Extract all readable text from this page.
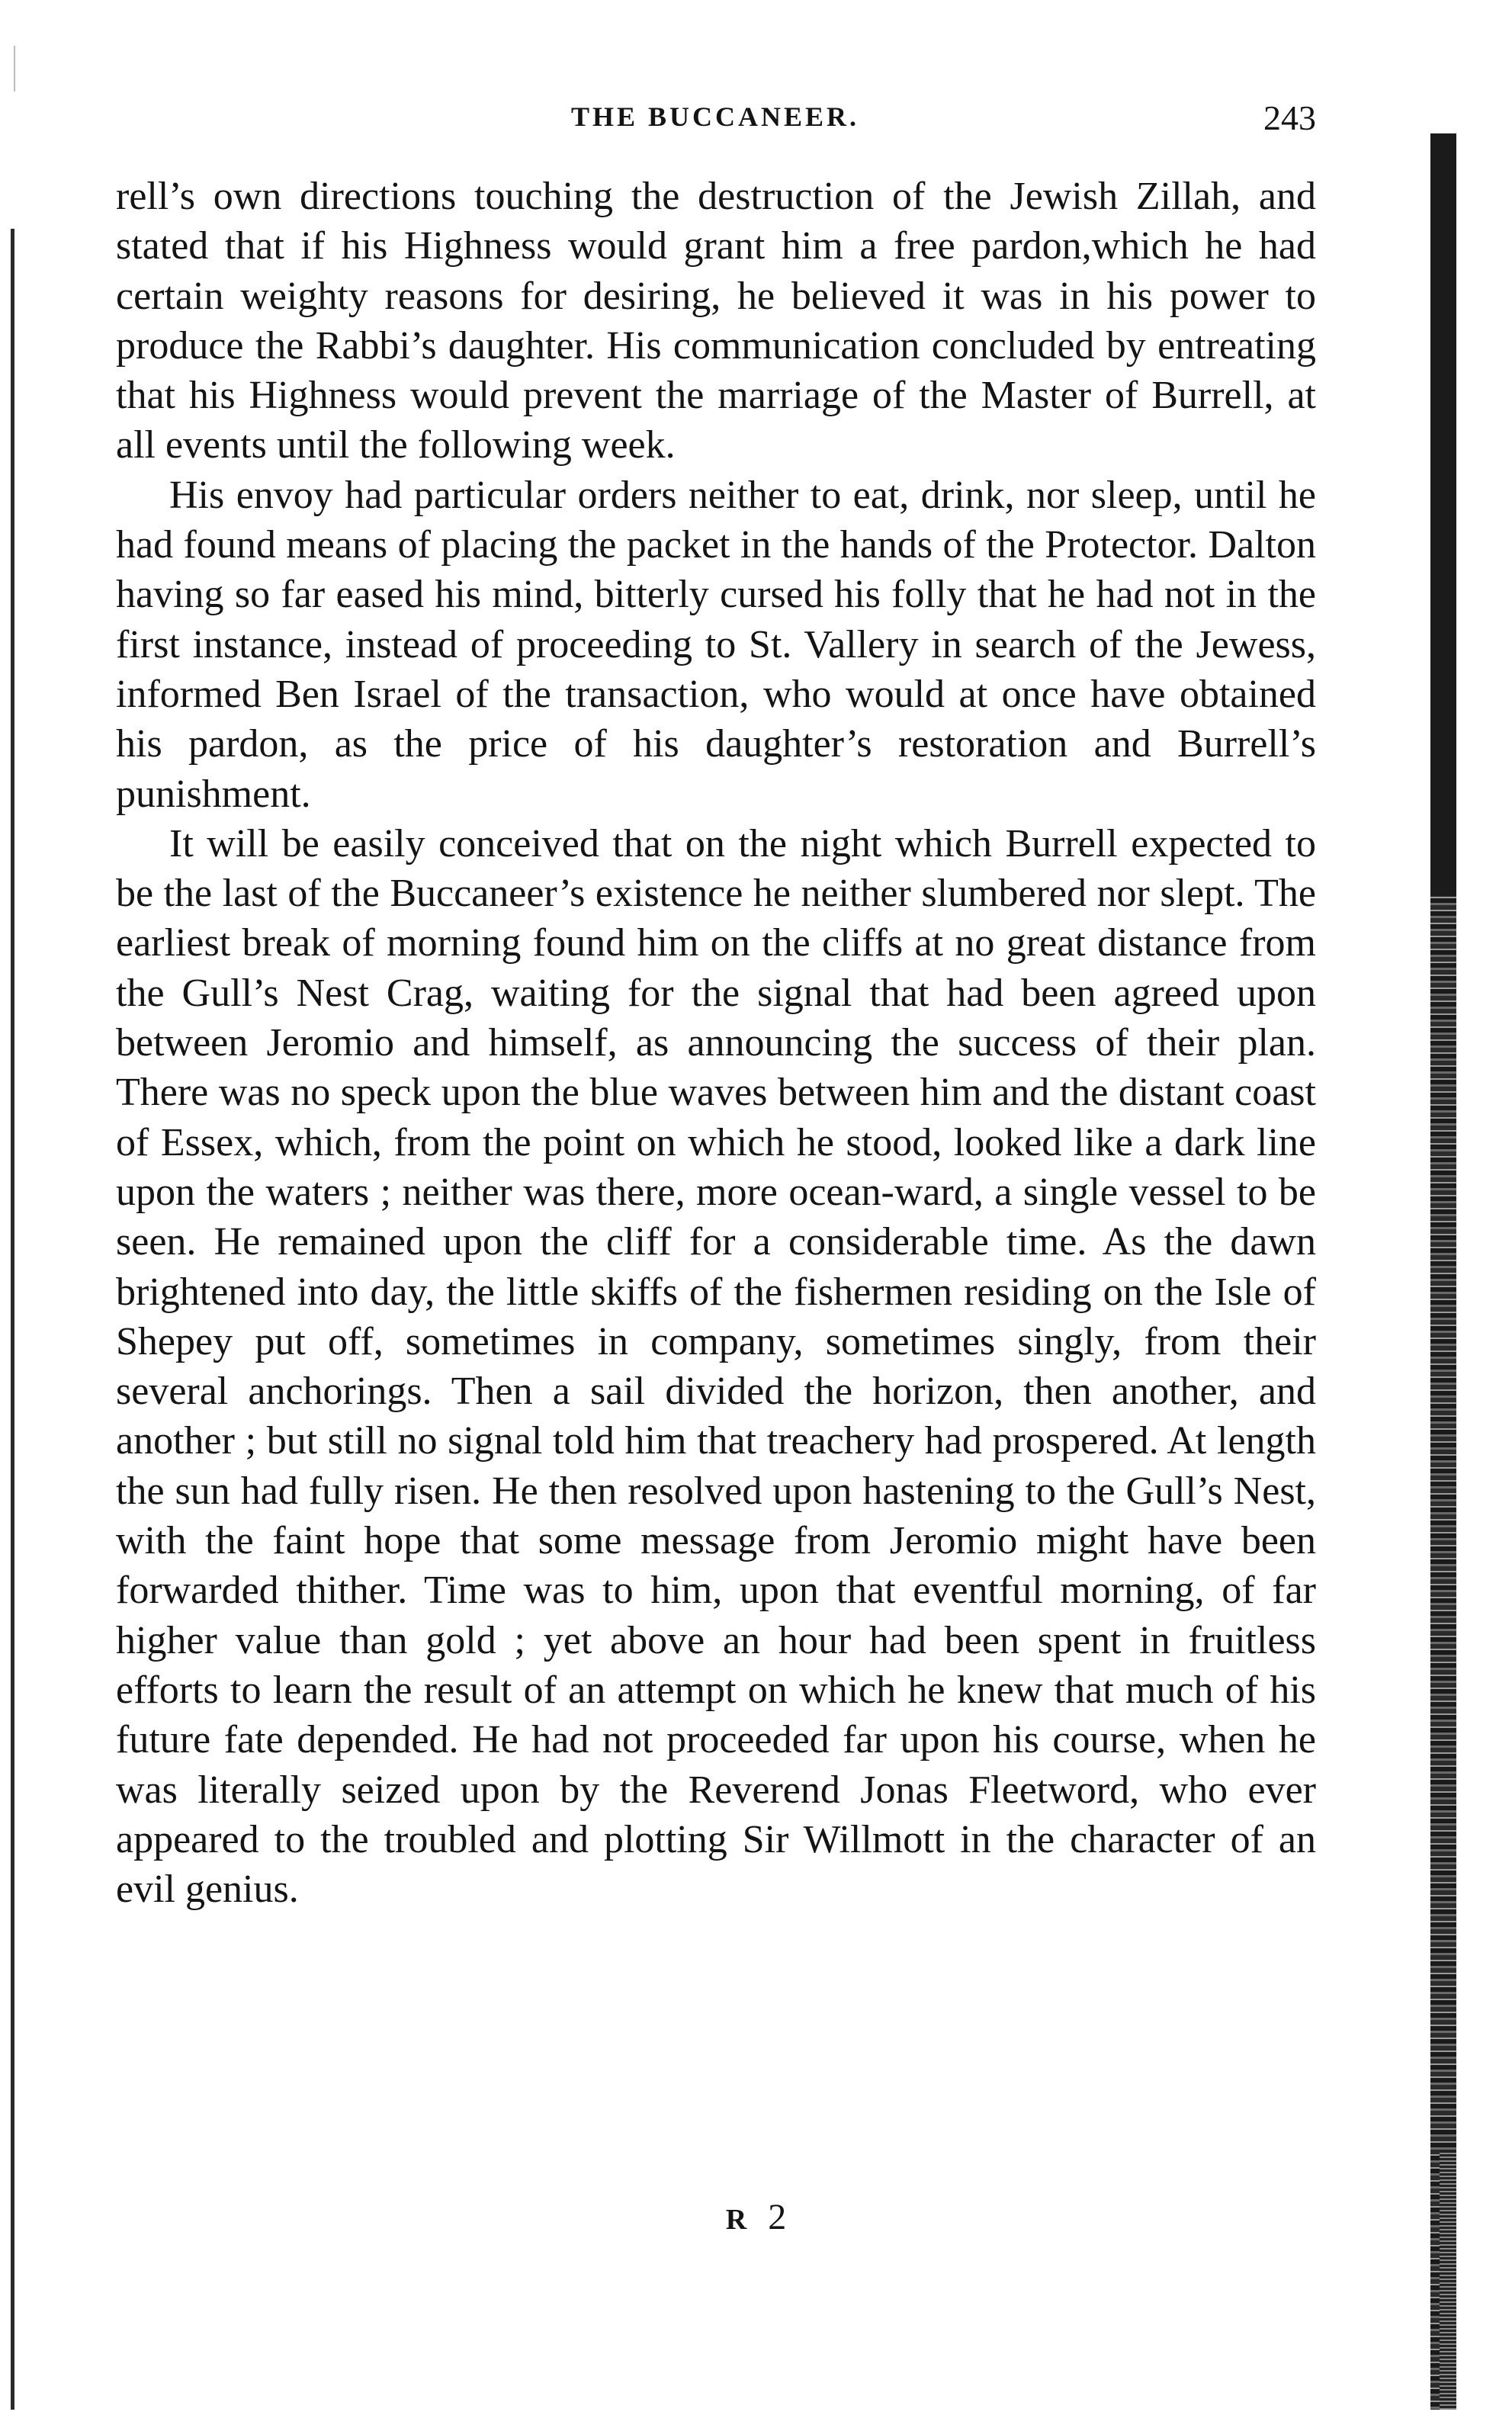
THE BUCCANEER.	243

rell’s own directions touching the destruction of the Jewish Zillah, and stated that if his Highness would grant him a free pardon,which he had certain weighty reasons for desiring, he believed it was in his power to produce the Rabbi’s daughter. His communication concluded by entreating that his Highness would prevent the marriage of the Master of Burrell, at all events until the following week.

His envoy had particular orders neither to eat, drink, nor sleep, until he had found means of placing the packet in the hands of the Protector. Dalton having so far eased his mind, bitterly cursed his folly that he had not in the first instance, instead of proceeding to St. Vallery in search of the Jewess, informed Ben Israel of the transaction, who would at once have obtained his pardon, as the price of his daughter’s restoration and Burrell’s punishment.

It will be easily conceived that on the night which Burrell expected to be the last of the Buccaneer’s existence he neither slumbered nor slept. The earliest break of morning found him on the cliffs at no great distance from the Gull’s Nest Crag, waiting for the signal that had been agreed upon between Jeromio and himself, as announcing the success of their plan. There was no speck upon the blue waves between him and the distant coast of Essex, which, from the point on which he stood, looked like a dark line upon the waters ; neither was there, more ocean-ward, a single vessel to be seen. He remained upon the cliff for a considerable time. As the dawn brightened into day, the little skiffs of the fishermen residing on the Isle of Shepey put off, sometimes in company, sometimes singly, from their several anchorings. Then a sail divided the horizon, then another, and another ; but still no signal told him that treachery had prospered. At length the sun had fully risen. He then resolved upon hastening to the Gull’s Nest, with the faint hope that some message from Jeromio might have been forwarded thither. Time was to him, upon that eventful morning, of far higher value than gold ; yet above an hour had been spent in fruitless efforts to learn the result of an attempt on which he knew that much of his future fate depended. He had not proceeded far upon his course, when he was literally seized upon by the Reverend Jonas Fleetword, who ever appeared to the troubled and plotting Sir Willmott in the character of an evil genius.

R 2
